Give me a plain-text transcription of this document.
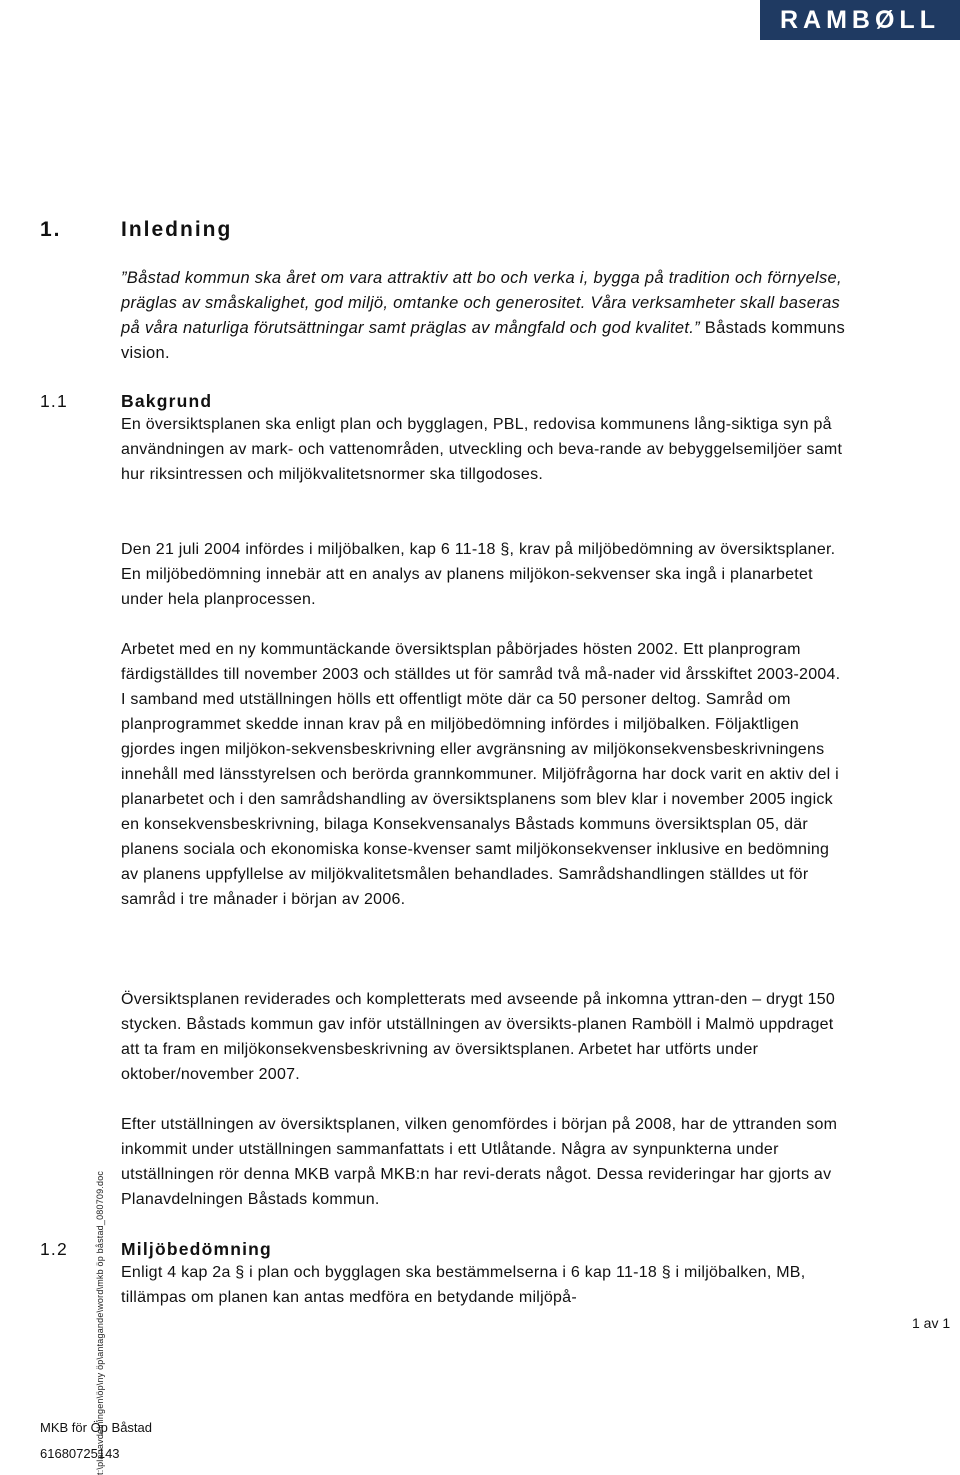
RAMBØLL
1.	Inledning
”Båstad kommun ska året om vara attraktiv att bo och verka i, bygga på tradition och förnyelse, präglas av småskalighet, god miljö, omtanke och generositet. Våra verksamheter skall baseras på våra naturliga förutsättningar samt präglas av mångfald och god kvalitet.” Båstads kommuns vision.
1.1	Bakgrund

En översiktsplanen ska enligt plan och bygglagen, PBL, redovisa kommunens lång-siktiga syn på användningen av mark- och vattenområden, utveckling och beva-rande av bebyggelsemiljöer samt hur riksintressen och miljökvalitetsnormer ska tillgodoses.

Den 21 juli 2004 infördes i miljöbalken, kap 6 11-18 §, krav på miljöbedömning av översiktsplaner. En miljöbedömning innebär att en analys av planens miljökon-sekvenser ska ingå i planarbetet under hela planprocessen.

Arbetet med en ny kommuntäckande översiktsplan påbörjades hösten 2002. Ett planprogram färdigställdes till november 2003 och ställdes ut för samråd två må-nader vid årsskiftet 2003-2004. I samband med utställningen hölls ett offentligt möte där ca 50 personer deltog. Samråd om planprogrammet skedde innan krav på en miljöbedömning infördes i miljöbalken. Följaktligen gjordes ingen miljökon-sekvensbeskrivning eller avgränsning av miljökonsekvensbeskrivningens innehåll med länsstyrelsen och berörda grannkommuner. Miljöfrågorna har dock varit en aktiv del i planarbetet och i den samrådshandling av översiktsplanens som blev klar i november 2005 ingick en konsekvensbeskrivning, bilaga Konsekvensanalys Båstads kommuns översiktsplan 05, där planens sociala och ekonomiska konse-kvenser samt miljökonsekvenser inklusive en bedömning av planens uppfyllelse av miljökvalitetsmålen behandlades. Samrådshandlingen ställdes ut för samråd i tre månader i början av 2006.

Översiktsplanen reviderades och kompletterats med avseende på inkomna yttran-den – drygt 150 stycken. Båstads kommun gav inför utställningen av översikts-planen Ramböll i Malmö uppdraget att ta fram en miljökonsekvensbeskrivning av översiktsplanen. Arbetet har utförts under oktober/november 2007.

Efter utställningen av översiktsplanen, vilken genomfördes i början på 2008, har de yttranden som inkommit under utställningen sammanfattats i ett Utlåtande. Några av synpunkterna under utställningen rör denna MKB varpå MKB:n har revi-derats något. Dessa revideringar har gjorts av Planavdelningen Båstads kommun.

1.2	Miljöbedömning

Enligt 4 kap 2a § i plan och bygglagen ska bestämmelserna i 6 kap 11-18 § i miljöbalken, MB, tillämpas om planen kan antas medföra en betydande miljöpå-

t:\planavdelningen\öp\ny öp\antagande\word\mkb öp båstad_080709.doc	1 av 1
MKB för Öp Båstad
61680725143
